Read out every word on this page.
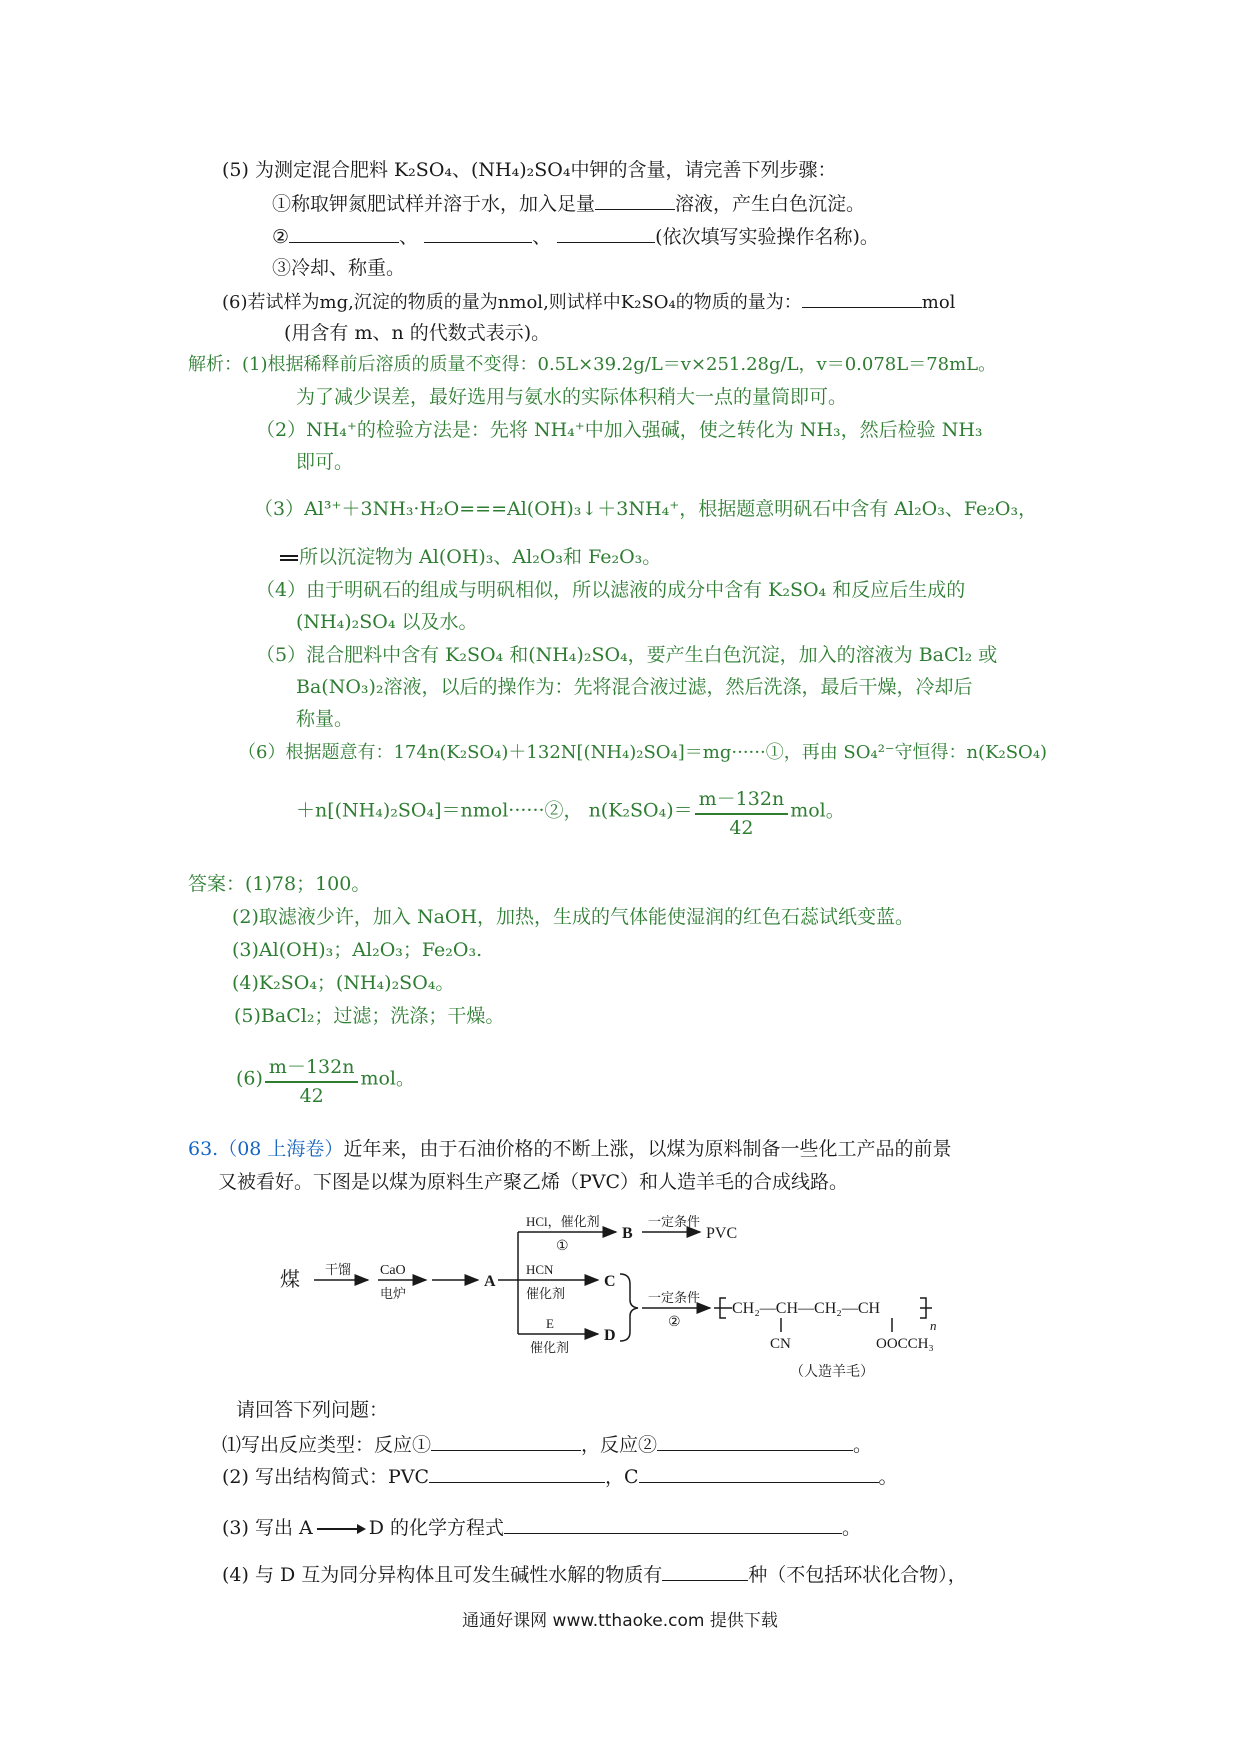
(5) 为测定混合肥料 K₂SO₄、(NH₄)₂SO₄中钾的含量，请完善下列步骤：
①称取钾氮肥试样并溶于水，加入足量	溶液，产生白色沉淀。
②	、	、	(依次填写实验操作名称)。
③冷却、称重。
(6)若试样为mg,沉淀的物质的量为nmol,则试样中K₂SO₄的物质的量为：	mol
(用含有 m、n 的代数式表示)。
解析：(1)根据稀释前后溶质的质量不变得：0.5L×39.2g/L＝v×251.28g/L，v＝0.078L＝78mL。
为了减少误差，最好选用与氨水的实际体积稍大一点的量筒即可。
（2）NH₄⁺的检验方法是：先将 NH₄⁺中加入强碱，使之转化为 NH₃，然后检验 NH₃
即可。
（3）Al³⁺＋3NH₃·H₂O===Al(OH)₃↓＋3NH₄⁺，根据题意明矾石中含有 Al₂O₃、Fe₂O₃，
所以沉淀物为 Al(OH)₃、Al₂O₃和 Fe₂O₃。
（4）由于明矾石的组成与明矾相似，所以滤液的成分中含有 K₂SO₄ 和反应后生成的
(NH₄)₂SO₄ 以及水。
（5）混合肥料中含有 K₂SO₄ 和(NH₄)₂SO₄，要产生白色沉淀，加入的溶液为 BaCl₂ 或
Ba(NO₃)₂溶液，以后的操作为：先将混合液过滤，然后洗涤，最后干燥，冷却后
称量。
（6）根据题意有：174n(K₂SO₄)＋132N[(NH₄)₂SO₄]＝mg······①，再由 SO₄²⁻守恒得：n(K₂SO₄)
＋n[(NH₄)₂SO₄]＝nmol······②， $n(K_2SO_4)= \frac{m-132n}{42}$ mol。
答案：(1)78；100。
(2)取滤液少许，加入 NaOH，加热，生成的气体能使湿润的红色石蕊试纸变蓝。
(3)Al(OH)₃；Al₂O₃；Fe₂O₃.
(4)K₂SO₄；(NH₄)₂SO₄。
(5)BaCl₂；过滤；洗涤；干燥。
$(6) \frac{m-132n}{42}$ mol。
63.（08 上海卷）近年来，由于石油价格的不断上涨，以煤为原料制备一些化工产品的前景
又被看好。下图是以煤为原料生产聚乙烯（PVC）和人造羊毛的合成线路。
煤 干馏 CaO
电炉
A
B
C
D
PVC
HCl，催化剂
①
HCN
催化剂
E
催化剂
一定条件
一定条件
②
CH₂—CH—CH₂—CH
n
CN	OOCCH₃
（人造羊毛）
请回答下列问题：
⑴写出反应类型：反应①	，反应②	。
(2) 写出结构简式：PVC	，C	。
(3) 写出 A → D 的化学方程式	。
(4) 与 D 互为同分异构体且可发生碱性水解的物质有	种（不包括环状化合物），
通通好课网 www.tthaoke.com 提供下载
